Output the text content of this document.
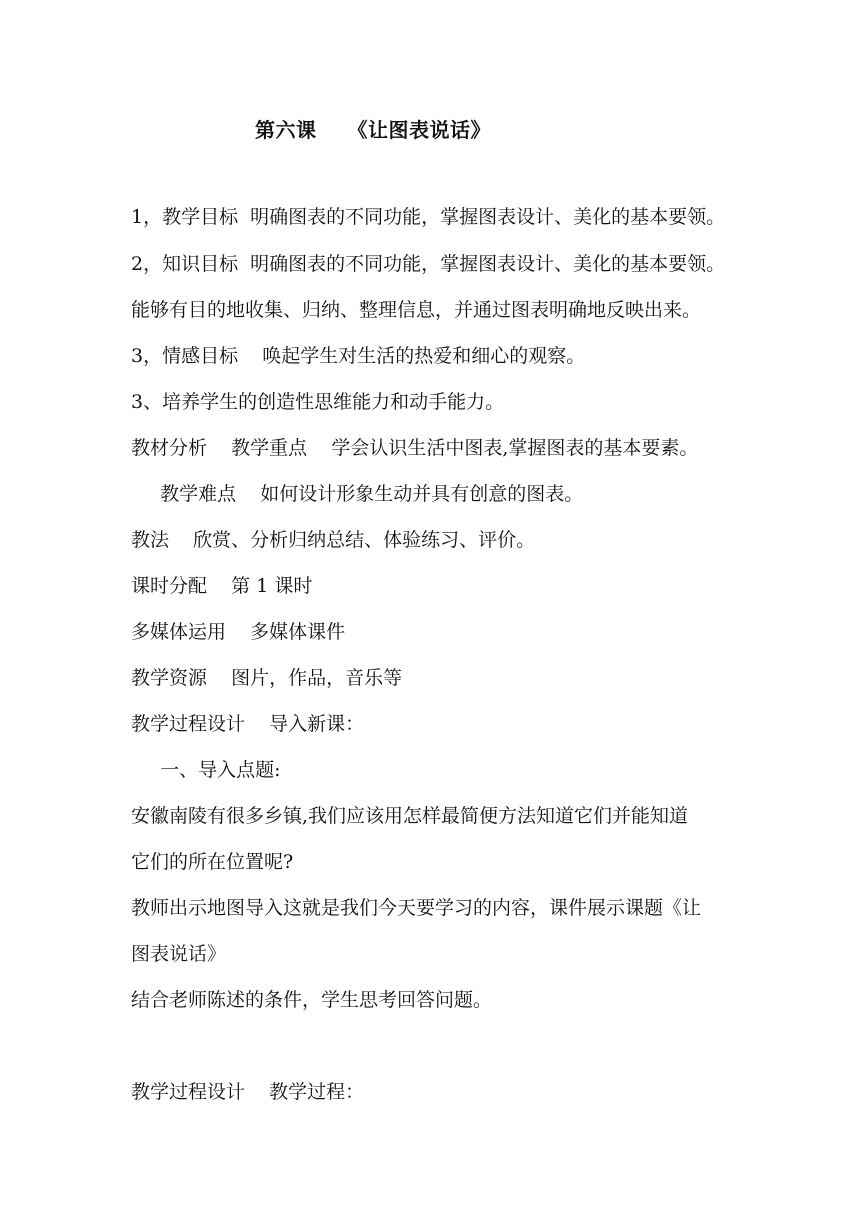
第六课　　《让图表说话》
1，教学目标  明确图表的不同功能，掌握图表设计、美化的基本要领。
2，知识目标  明确图表的不同功能，掌握图表设计、美化的基本要领。
能够有目的地收集、归纳、整理信息，并通过图表明确地反映出来。
3，情感目标    唤起学生对生活的热爱和细心的观察。
3、培养学生的创造性思维能力和动手能力。
教材分析    教学重点    学会认识生活中图表,掌握图表的基本要素。
教学难点    如何设计形象生动并具有创意的图表。
教法    欣赏、分析归纳总结、体验练习、评价。
课时分配    第 1 课时
多媒体运用    多媒体课件
教学资源    图片，作品，音乐等
教学过程设计    导入新课：
一、导入点题:
安徽南陵有很多乡镇,我们应该用怎样最简便方法知道它们并能知道
它们的所在位置呢?
教师出示地图导入这就是我们今天要学习的内容，课件展示课题《让
图表说话》
结合老师陈述的条件，学生思考回答问题。
教学过程设计    教学过程：
